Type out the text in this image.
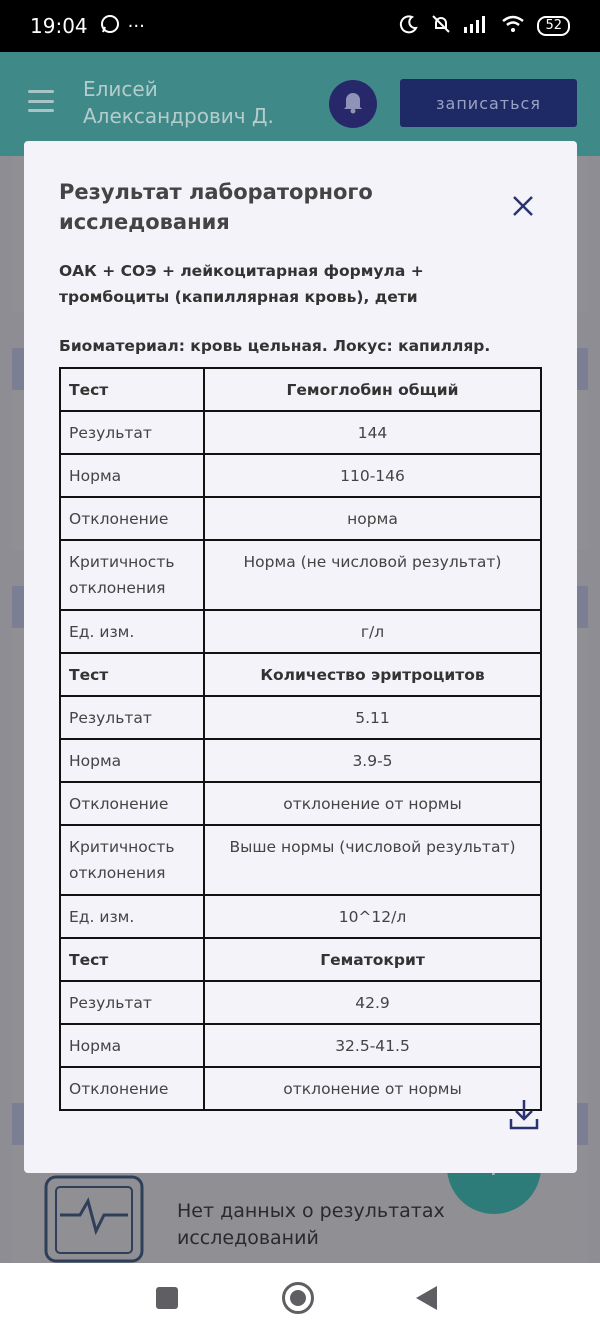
19:04 ···	52
Елисей
Александрович Д.
записаться
Нет данных о результатах
исследований
Результат лабораторного исследования
ОАК + СОЭ + лейкоцитарная формула + тромбоциты (капиллярная кровь), дети
Биоматериал: кровь цельная. Локус: капилляр.
Тест	Гемоглобин общий
Результат	144
Норма	110-146
Отклонение	норма
Критичность отклонения	Норма (не числовой результат)
Ед. изм.	г/л
Тест	Количество эритроцитов
Результат	5.11
Норма	3.9-5
Отклонение	отклонение от нормы
Критичность отклонения	Выше нормы (числовой результат)
Ед. изм.	10^12/л
Тест	Гематокрит
Результат	42.9
Норма	32.5-41.5
Отклонение	отклонение от нормы
